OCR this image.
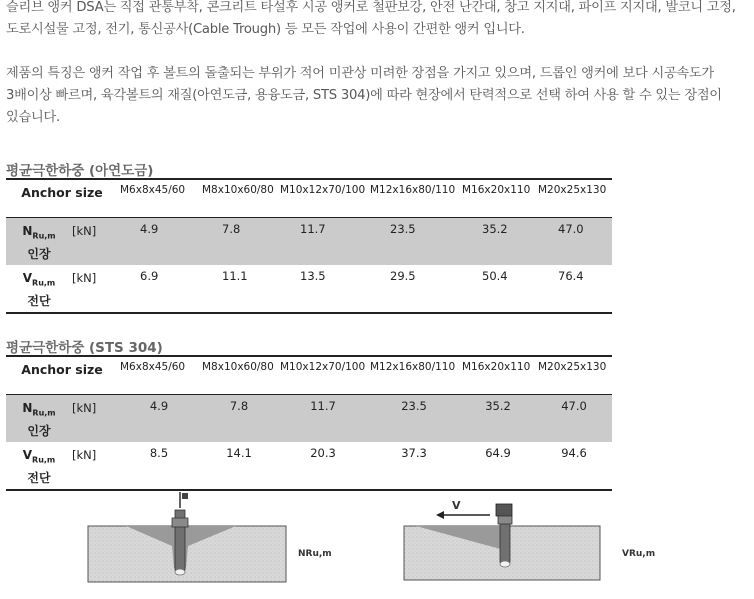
슬리브 앵커 DSA는 직접 관통부착, 콘크리트 타설후 시공 앵커로 철판보강, 안전 난간대, 창고 지지대, 파이프 지지대, 발코니 고정, 도로시설물 고정, 전기, 통신공사(Cable Trough) 등 모든 작업에 사용이 간편한 앵커 입니다.
제품의 특징은 앵커 작업 후 볼트의 돌출되는 부위가 적어 미관상 미려한 장점을 가지고 있으며, 드롭인 앵커에 보다 시공속도가 3배이상 빠르며, 육각볼트의 재질(아연도금, 용융도금, STS 304)에 따라 현장에서 탄력적으로 선택 하여 사용 할 수 있는 장점이 있습니다.
평균극한하중 (아연도금)
Anchor size	M6x8x45/60	M8x10x60/80	M10x12x70/100	M12x16x80/110	M16x20x110	M20x25x130

$N_{Ru,m}$
인장
[kN]	4.9	7.8	11.7	23.5	35.2	47.0

$V_{Ru,m}$
전단
[kN]	6.9	11.1	13.5	29.5	50.4	76.4
평균극한하중 (STS 304)
Anchor size	M6x8x45/60	M8x10x60/80	M10x12x70/100	M12x16x80/110	M16x20x110	M20x25x130

$N_{Ru,m}$
인장
[kN]	4.9	7.8	11.7	23.5	35.2	47.0

$V_{Ru,m}$
전단
[kN]	8.5	14.1	20.3	37.3	64.9	94.6
NRu,m
V
VRu,m
